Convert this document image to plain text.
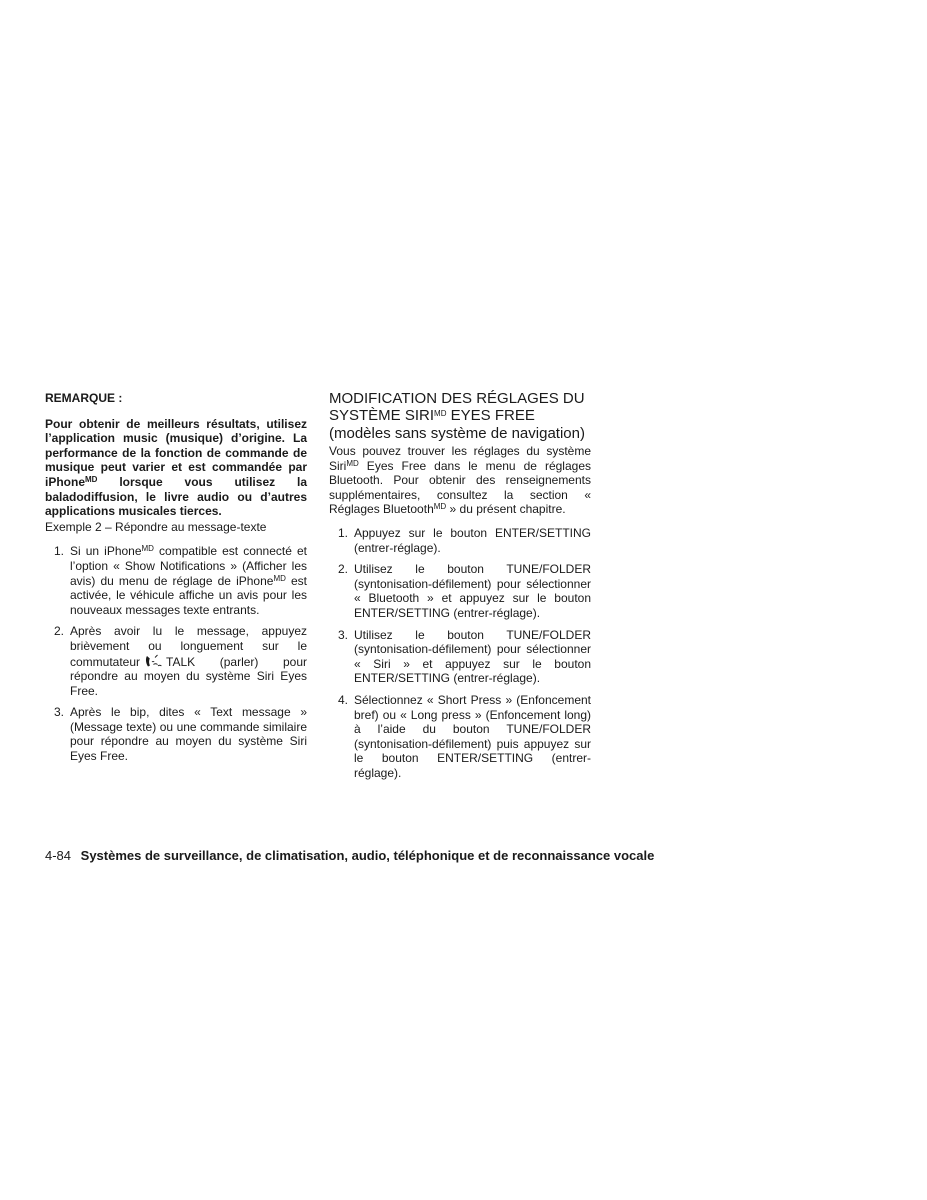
REMARQUE :

Pour obtenir de meilleurs résultats, utilisez l’application music (musique) d’origine. La performance de la fonction de commande de musique peut varier et est commandée par iPhone$^{MD}$ lorsque vous utilisez la baladodiffusion, le livre audio ou d’autres applications musicales tierces.

Exemple 2 – Répondre au message-texte

1. Si un iPhone$^{MD}$ compatible est connecté et l’option « Show Notifications » (Afficher les avis) du menu de réglage de iPhone$^{MD}$ est activée, le véhicule affiche un avis pour les nouveaux messages texte entrants.
2. Après avoir lu le message, appuyez brièvement ou longuement sur le commutateur TALK (parler) pour répondre au moyen du système Siri Eyes Free.
3. Après le bip, dites « Text message » (Message texte) ou une commande similaire pour répondre au moyen du système Siri Eyes Free.
MODIFICATION DES RÉGLAGES DU SYSTÈME $SIRI^{MD}$ EYES FREE
(modèles sans système de navigation)

Vous pouvez trouver les réglages du système Siri$^{MD}$ Eyes Free dans le menu de réglages Bluetooth. Pour obtenir des renseignements supplémentaires, consultez la section « Réglages Bluetooth$^{MD}$ » du présent chapitre.

1. Appuyez sur le bouton ENTER/SETTING (entrer-réglage).
2. Utilisez le bouton TUNE/FOLDER (syntonisation-défilement) pour sélectionner « Bluetooth » et appuyez sur le bouton ENTER/SETTING (entrer-réglage).
3. Utilisez le bouton TUNE/FOLDER (syntonisation-défilement) pour sélectionner « Siri » et appuyez sur le bouton ENTER/SETTING (entrer-réglage).
4. Sélectionnez « Short Press » (Enfoncement bref) ou « Long press » (Enfoncement long) à l’aide du bouton TUNE/FOLDER (syntonisation-défilement) puis appuyez sur le bouton ENTER/SETTING (entrer-réglage).
4-84 Systèmes de surveillance, de climatisation, audio, téléphonique et de reconnaissance vocale
